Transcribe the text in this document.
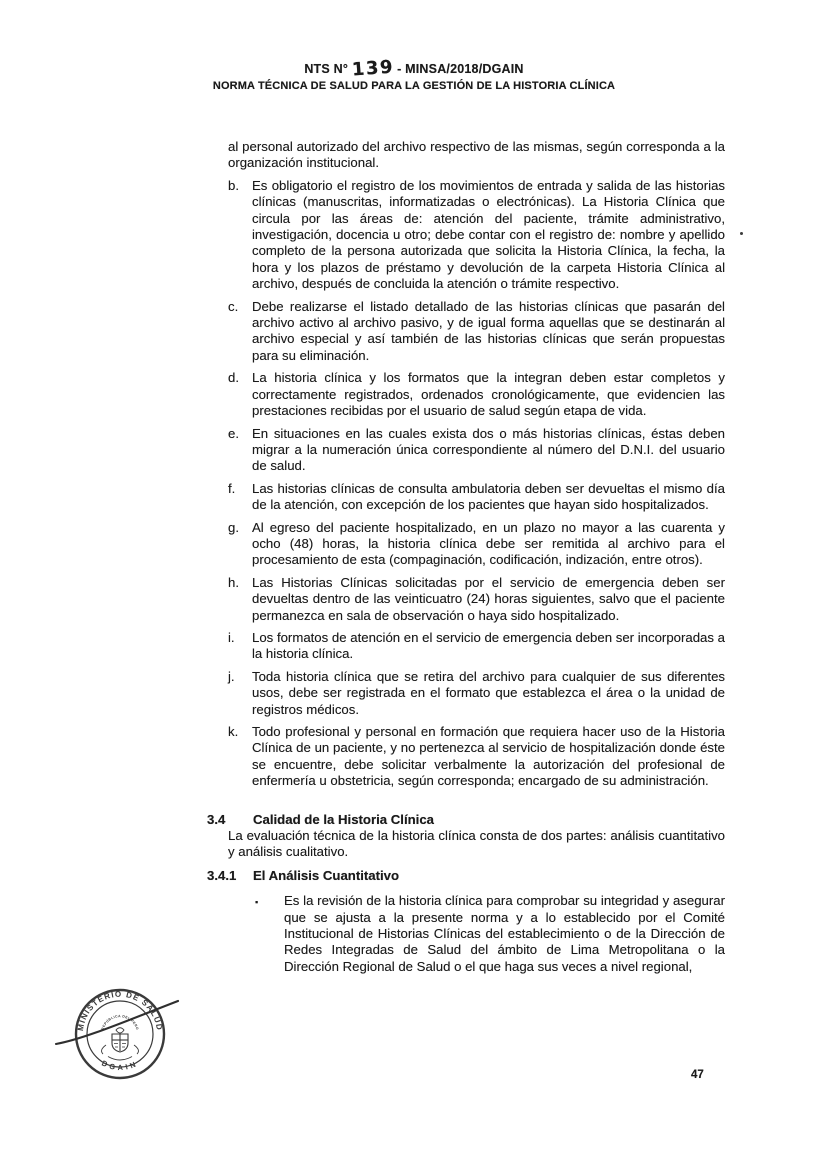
NTS N° 139 - MINSA/2018/DGAIN
NORMA TÉCNICA DE SALUD PARA LA GESTIÓN DE LA HISTORIA CLÍNICA

al personal autorizado del archivo respectivo de las mismas, según corresponda a la organización institucional.

b. Es obligatorio el registro de los movimientos de entrada y salida de las historias clínicas (manuscritas, informatizadas o electrónicas). La Historia Clínica que circula por las áreas de: atención del paciente, trámite administrativo, investigación, docencia u otro; debe contar con el registro de: nombre y apellido completo de la persona autorizada que solicita la Historia Clínica, la fecha, la hora y los plazos de préstamo y devolución de la carpeta Historia Clínica al archivo, después de concluida la atención o trámite respectivo.
c.	Debe realizarse el listado detallado de las historias clínicas que pasarán del archivo activo al archivo pasivo, y de igual forma aquellas que se destinarán al archivo especial y así también de las historias clínicas que serán propuestas para su eliminación.
d. La historia clínica y los formatos que la integran deben estar completos y correctamente registrados, ordenados cronológicamente, que evidencien las prestaciones recibidas por el usuario de salud según etapa de vida.
e. En situaciones en las cuales exista dos o más historias clínicas, éstas deben migrar a la numeración única correspondiente al número del D.N.I. del usuario de salud.
f.	Las historias clínicas de consulta ambulatoria deben ser devueltas el mismo día de la atención, con excepción de los pacientes que hayan sido hospitalizados.
g. Al egreso del paciente hospitalizado, en un plazo no mayor a las cuarenta y ocho (48) horas, la historia clínica debe ser remitida al archivo para el procesamiento de esta (compaginación, codificación, indización, entre otros).
h. Las Historias Clínicas solicitadas por el servicio de emergencia deben ser devueltas dentro de las veinticuatro (24) horas siguientes, salvo que el paciente permanezca en sala de observación o haya sido hospitalizado.
i.	Los formatos de atención en el servicio de emergencia deben ser incorporadas a la historia clínica.
j.	Toda historia clínica que se retira del archivo para cualquier de sus diferentes usos, debe ser registrada en el formato que establezca el área o la unidad de registros médicos.
k.	Todo profesional y personal en formación que requiera hacer uso de la Historia Clínica de un paciente, y no pertenezca al servicio de hospitalización donde éste se encuentre, debe solicitar verbalmente la autorización del profesional de enfermería u obstetricia, según corresponda; encargado de su administración.
3.4	Calidad de la Historia Clínica

La evaluación técnica de la historia clínica consta de dos partes: análisis cuantitativo y análisis cualitativo.

3.4.1	El Análisis Cuantitativo
▪	Es la revisión de la historia clínica para comprobar su integridad y asegurar que se ajusta a la presente norma y a lo establecido por el Comité Institucional de Historias Clínicas del establecimiento o de la Dirección de Redes Integradas de Salud del ámbito de Lima Metropolitana o la Dirección Regional de Salud o el que haga sus veces a nivel regional,
MINISTERIO DE SALUD
DGAIN
REPÚBLICA DEL PERÚ
47
